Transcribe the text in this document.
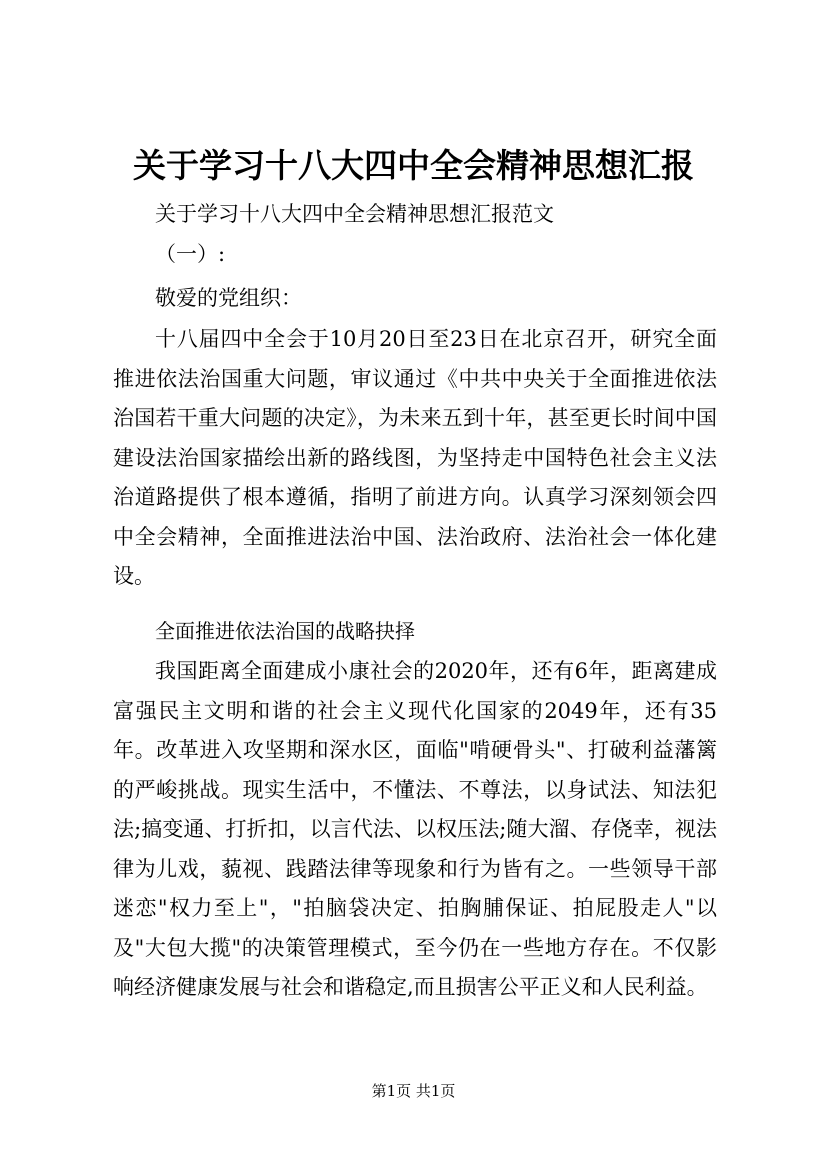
关于学习十八大四中全会精神思想汇报
关于学习十八大四中全会精神思想汇报范文
（一）:
敬爱的党组织：
十八届四中全会于10月20日至23日在北京召开，研究全面推进依法治国重大问题，审议通过《中共中央关于全面推进依法治国若干重大问题的决定》，为未来五到十年，甚至更长时间中国建设法治国家描绘出新的路线图，为坚持走中国特色社会主义法治道路提供了根本遵循，指明了前进方向。认真学习深刻领会四中全会精神，全面推进法治中国、法治政府、法治社会一体化建设。
全面推进依法治国的战略抉择
我国距离全面建成小康社会的2020年，还有6年，距离建成富强民主文明和谐的社会主义现代化国家的2049年，还有35年。改革进入攻坚期和深水区，面临"啃硬骨头"、打破利益藩篱的严峻挑战。现实生活中，不懂法、不尊法，以身试法、知法犯法;搞变通、打折扣，以言代法、以权压法;随大溜、存侥幸，视法律为儿戏，藐视、践踏法律等现象和行为皆有之。一些领导干部迷恋"权力至上"，"拍脑袋决定、拍胸脯保证、拍屁股走人"以及"大包大揽"的决策管理模式，至今仍在一些地方存在。不仅影响经济健康发展与社会和谐稳定,而且损害公平正义和人民利益。
第1页 共1页
